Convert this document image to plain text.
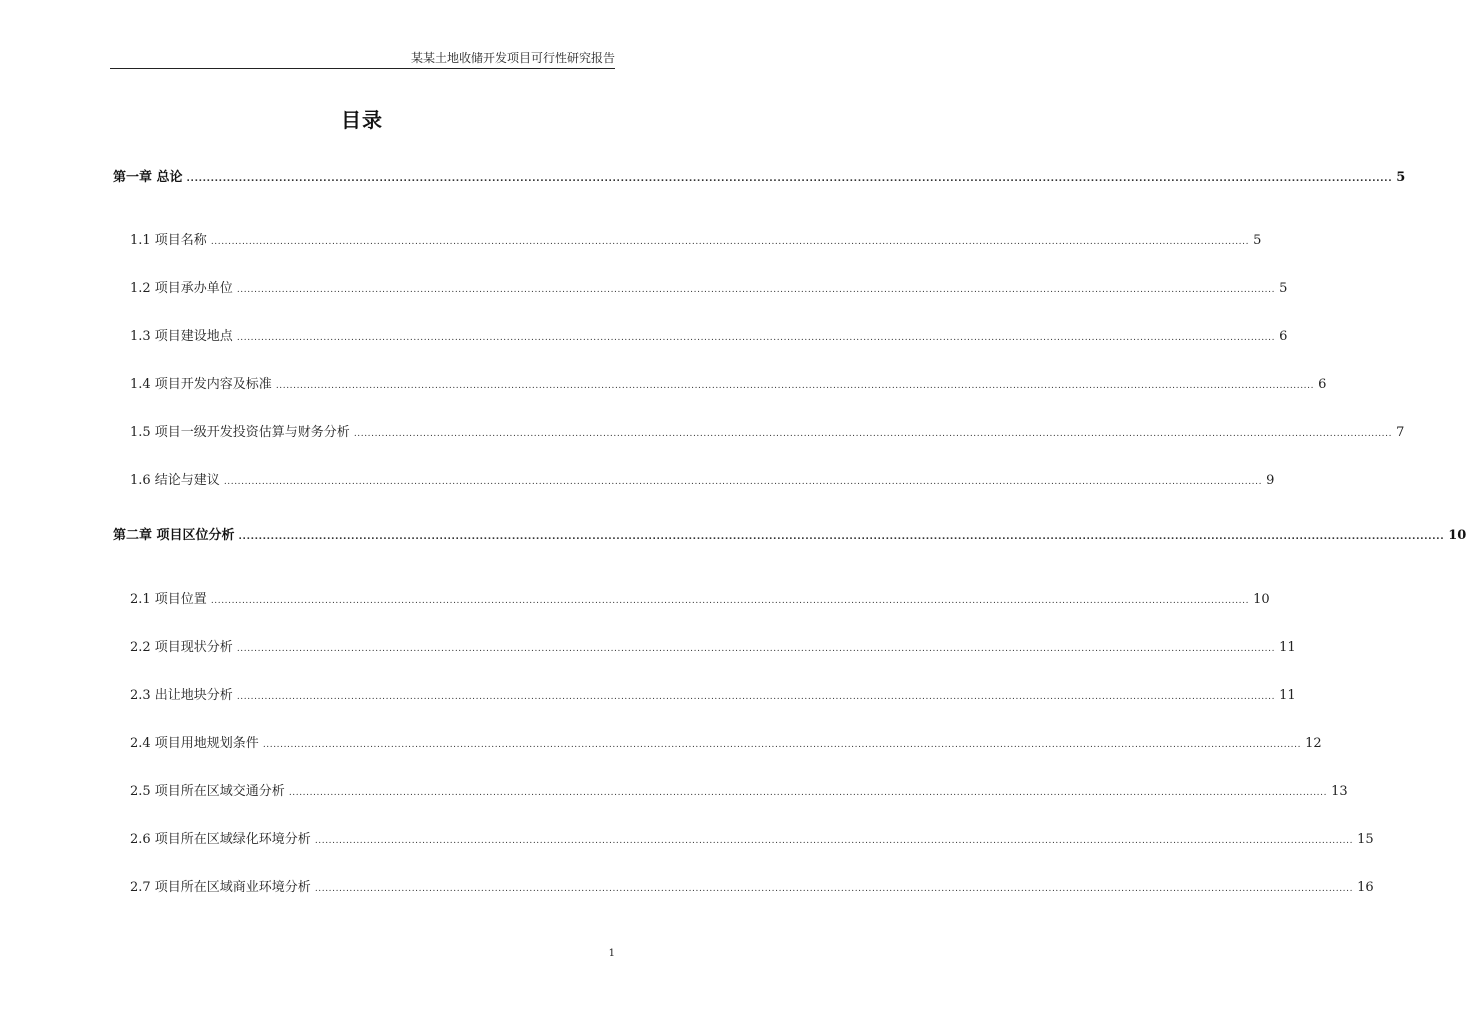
某某土地收储开发项目可行性研究报告
目录
第一章 总论 ............................................................................................................................................................................................................................................................................................................ 5
1.1 项目名称 ............................................................................................................................................................................................................................................................................................................ 5
1.2 项目承办单位 ............................................................................................................................................................................................................................................................................................................ 5
1.3 项目建设地点 ............................................................................................................................................................................................................................................................................................................ 6
1.4 项目开发内容及标准 ............................................................................................................................................................................................................................................................................................................ 6
1.5 项目一级开发投资估算与财务分析 ............................................................................................................................................................................................................................................................................................................ 7
1.6 结论与建议 ............................................................................................................................................................................................................................................................................................................ 9
第二章 项目区位分析 ............................................................................................................................................................................................................................................................................................................ 10
2.1 项目位置 ............................................................................................................................................................................................................................................................................................................ 10
2.2 项目现状分析 ............................................................................................................................................................................................................................................................................................................ 11
2.3 出让地块分析 ............................................................................................................................................................................................................................................................................................................ 11
2.4 项目用地规划条件 ............................................................................................................................................................................................................................................................................................................ 12
2.5 项目所在区域交通分析 ............................................................................................................................................................................................................................................................................................................ 13
2.6 项目所在区域绿化环境分析 ............................................................................................................................................................................................................................................................................................................ 15
2.7 项目所在区域商业环境分析 ............................................................................................................................................................................................................................................................................................................ 16
1
